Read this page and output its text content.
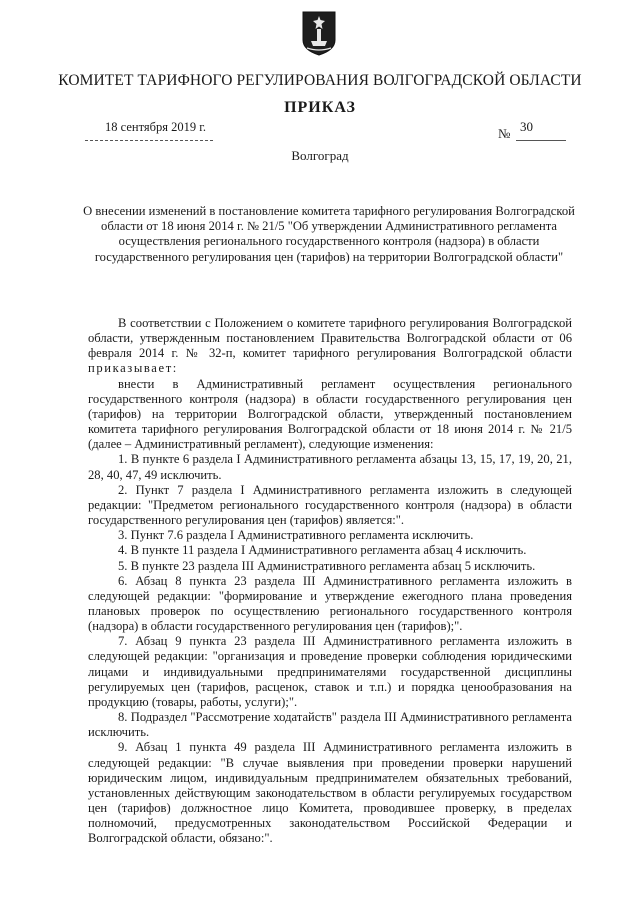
КОМИТЕТ ТАРИФНОГО РЕГУЛИРОВАНИЯ ВОЛГОГРАДСКОЙ ОБЛАСТИ
ПРИКАЗ
18 сентября 2019 г.	№ 30
Волгоград
О внесении изменений в постановление комитета тарифного регулирования Волгоградской области от 18 июня 2014 г. № 21/5 "Об утверждении Административного регламента осуществления регионального государственного контроля (надзора) в области государственного регулирования цен (тарифов) на территории Волгоградской области"

В соответствии с Положением о комитете тарифного регулирования Волгоградской области, утвержденным постановлением Правительства Волгоградской области от 06 февраля 2014 г. № 32-п, комитет тарифного регулирования Волгоградской области приказывает:

внести в Административный регламент осуществления регионального государственного контроля (надзора) в области государственного регулирования цен (тарифов) на территории Волгоградской области, утвержденный постановлением комитета тарифного регулирования Волгоградской области от 18 июня 2014 г. № 21/5 (далее – Административный регламент), следующие изменения:

1. В пункте 6 раздела I Административного регламента абзацы 13, 15, 17, 19, 20, 21, 28, 40, 47, 49 исключить.

2. Пункт 7 раздела I Административного регламента изложить в следующей редакции: "Предметом регионального государственного контроля (надзора) в области государственного регулирования цен (тарифов) является:".

3. Пункт 7.6 раздела I Административного регламента исключить.

4. В пункте 11 раздела I Административного регламента абзац 4 исключить.

5. В пункте 23 раздела III Административного регламента абзац 5 исключить.

6. Абзац 8 пункта 23 раздела III Административного регламента изложить в следующей редакции: "формирование и утверждение ежегодного плана проведения плановых проверок по осуществлению регионального государственного контроля (надзора) в области государственного регулирования цен (тарифов);".

7. Абзац 9 пункта 23 раздела III Административного регламента изложить в следующей редакции: "организация и проведение проверки соблюдения юридическими лицами и индивидуальными предпринимателями государственной дисциплины регулируемых цен (тарифов, расценок, ставок и т.п.) и порядка ценообразования на продукцию (товары, работы, услуги);".

8. Подраздел "Рассмотрение ходатайств" раздела III Административного регламента исключить.

9. Абзац 1 пункта 49 раздела III Административного регламента изложить в следующей редакции: "В случае выявления при проведении проверки нарушений юридическим лицом, индивидуальным предпринимателем обязательных требований, установленных действующим законодательством в области регулируемых государством цен (тарифов) должностное лицо Комитета, проводившее проверку, в пределах полномочий, предусмотренных законодательством Российской Федерации и Волгоградской области, обязано:".
